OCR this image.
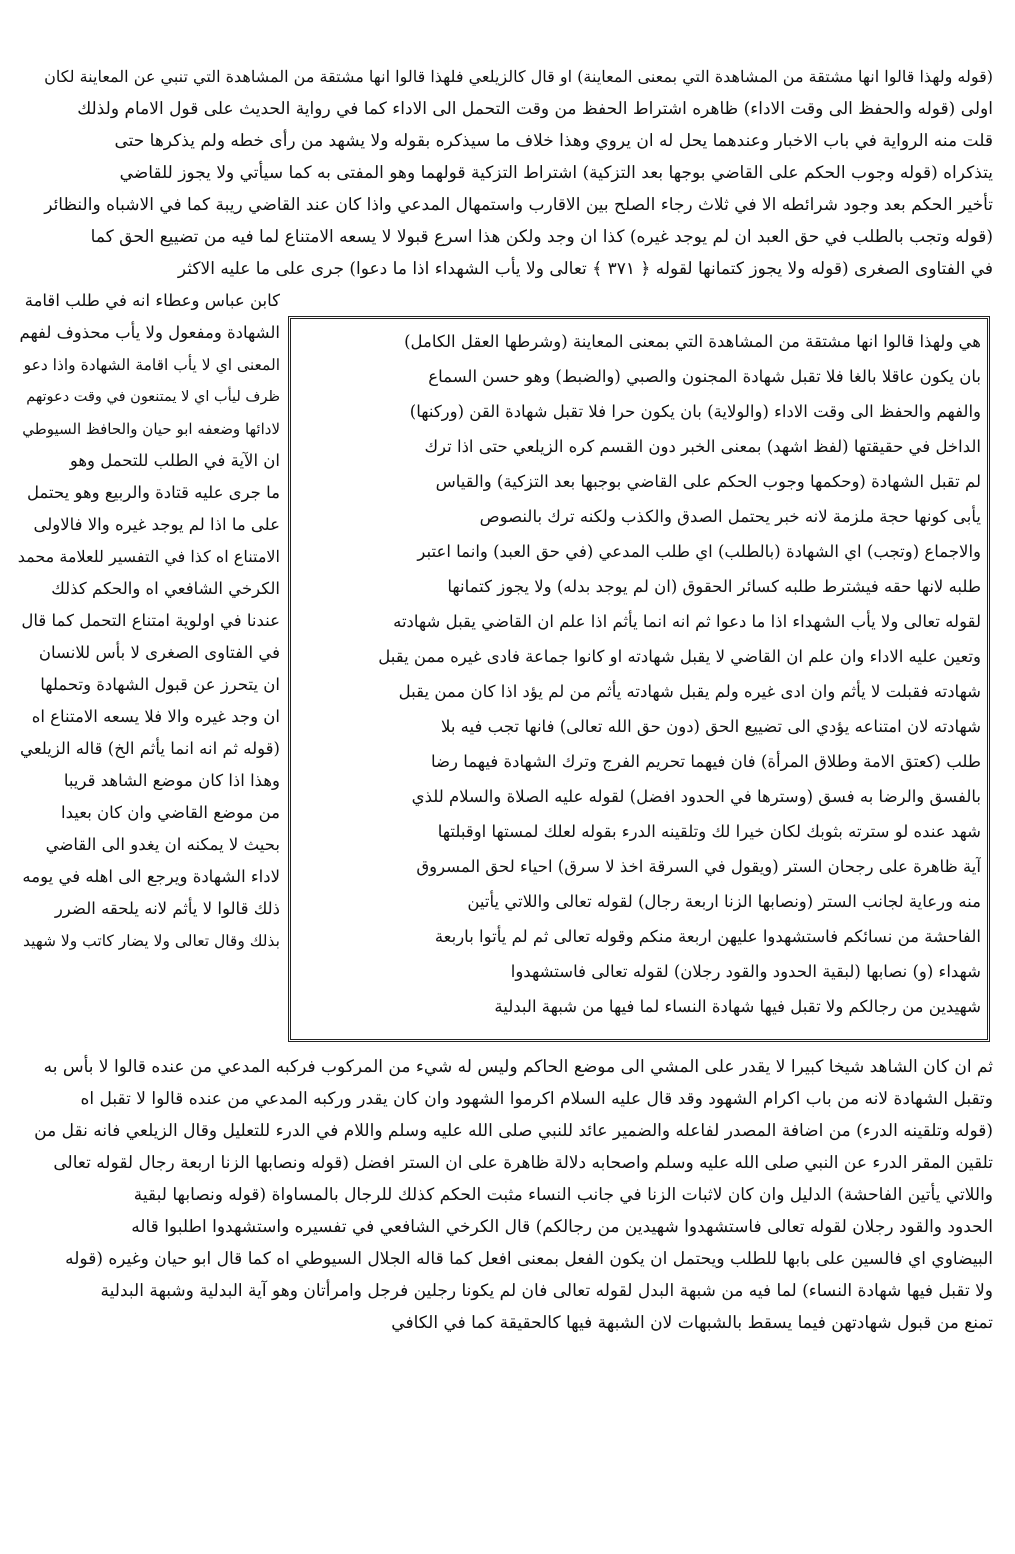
(قوله ولهذا قالوا انها مشتقة من المشاهدة التي بمعنى المعاينة) او قال كالزيلعي فلهذا قالوا انها مشتقة من المشاهدة التي تنبي عن المعاينة لكان
اولى (قوله والحفظ الى وقت الاداء) ظاهره اشتراط الحفظ من وقت التحمل الى الاداء كما في رواية الحديث على قول الامام ولذلك
قلت منه الرواية في باب الاخبار وعندهما يحل له ان يروي وهذا خلاف ما سيذكره بقوله ولا يشهد من رأى خطه ولم يذكرها حتى
يتذكراه (قوله وجوب الحكم على القاضي بوجها بعد التزكية) اشتراط التزكية قولهما وهو المفتى به كما سيأتي ولا يجوز للقاضي
تأخير الحكم بعد وجود شرائطه الا في ثلاث رجاء الصلح بين الاقارب واستمهال المدعي واذا كان عند القاضي ريبة كما في الاشباه والنظائر
(قوله وتجب بالطلب في حق العبد ان لم يوجد غيره) كذا ان وجد ولكن هذا اسرع قبولا لا يسعه الامتناع لما فيه من تضييع الحق كما
في الفتاوى الصغرى (قوله ولا يجوز كتمانها لقوله ﴿ ٣٧١ ﴾ تعالى ولا يأب الشهداء اذا ما دعوا) جرى على ما عليه الاكثر
كابن عباس وعطاء انه في طلب اقامة
الشهادة ومفعول ولا يأب محذوف لفهم
المعنى اي لا يأب اقامة الشهادة واذا دعو
ظرف ليأب اي لا يمتنعون في وقت دعوتهم
لادائها وضعفه ابو حيان والحافظ السيوطي
ان الآية في الطلب للتحمل وهو
ما جرى عليه قتادة والربيع وهو يحتمل
على ما اذا لم يوجد غيره والا فالاولى
الامتناع اه كذا في التفسير للعلامة محمد
الكرخي الشافعي اه والحكم كذلك
عندنا في اولوية امتناع التحمل كما قال
في الفتاوى الصغرى لا بأس للانسان
ان يتحرز عن قبول الشهادة وتحملها
ان وجد غيره والا فلا يسعه الامتناع اه
(قوله ثم انه انما يأثم الخ) قاله الزيلعي
وهذا اذا كان موضع الشاهد قريبا
من موضع القاضي وان كان بعيدا
بحيث لا يمكنه ان يغدو الى القاضي
لاداء الشهادة ويرجع الى اهله في يومه
ذلك قالوا لا يأثم لانه يلحقه الضرر
بذلك وقال تعالى ولا يضار كاتب ولا شهيد
هي ولهذا قالوا انها مشتقة من المشاهدة التي بمعنى المعاينة (وشرطها العقل الكامل)
بان يكون عاقلا بالغا فلا تقبل شهادة المجنون والصبي (والضبط) وهو حسن السماع
والفهم والحفظ الى وقت الاداء (والولاية) بان يكون حرا فلا تقبل شهادة القن (وركنها)
الداخل في حقيقتها (لفظ اشهد) بمعنى الخبر دون القسم كره الزيلعي حتى اذا ترك
لم تقبل الشهادة (وحكمها وجوب الحكم على القاضي بوجبها بعد التزكية) والقياس
يأبى كونها حجة ملزمة لانه خبر يحتمل الصدق والكذب ولكنه ترك بالنصوص
والاجماع (وتجب) اي الشهادة (بالطلب) اي طلب المدعي (في حق العبد) وانما اعتبر
طلبه لانها حقه فيشترط طلبه كسائر الحقوق (ان لم يوجد بدله) ولا يجوز كتمانها
لقوله تعالى ولا يأب الشهداء اذا ما دعوا ثم انه انما يأثم اذا علم ان القاضي يقبل شهادته
وتعين عليه الاداء وان علم ان القاضي لا يقبل شهادته او كانوا جماعة فادى غيره ممن يقبل
شهادته فقبلت لا يأثم وان ادى غيره ولم يقبل شهادته يأثم من لم يؤد اذا كان ممن يقبل
شهادته لان امتناعه يؤدي الى تضييع الحق (دون حق الله تعالى) فانها تجب فيه بلا
طلب (كعتق الامة وطلاق المرأة) فان فيهما تحريم الفرج وترك الشهادة فيهما رضا
بالفسق والرضا به فسق (وسترها في الحدود افضل) لقوله عليه الصلاة والسلام للذي
شهد عنده لو سترته بثوبك لكان خيرا لك وتلقينه الدرء بقوله لعلك لمستها اوقبلتها
آية ظاهرة على رجحان الستر (ويقول في السرقة اخذ لا سرق) احياء لحق المسروق
منه ورعاية لجانب الستر (ونصابها الزنا اربعة رجال) لقوله تعالى واللاتي يأتين
الفاحشة من نسائكم فاستشهدوا عليهن اربعة منكم وقوله تعالى ثم لم يأتوا باربعة
شهداء (و) نصابها (لبقية الحدود والقود رجلان) لقوله تعالى فاستشهدوا
شهيدين من رجالكم ولا تقبل فيها شهادة النساء لما فيها من شبهة البدلية
ثم ان كان الشاهد شيخا كبيرا لا يقدر على المشي الى موضع الحاكم وليس له شيء من المركوب فركبه المدعي من عنده قالوا لا بأس به
وتقبل الشهادة لانه من باب اكرام الشهود وقد قال عليه السلام اكرموا الشهود وان كان يقدر وركبه المدعي من عنده قالوا لا تقبل اه
(قوله وتلقينه الدرء) من اضافة المصدر لفاعله والضمير عائد للنبي صلى الله عليه وسلم واللام في الدرء للتعليل وقال الزيلعي فانه نقل من
تلقين المقر الدرء عن النبي صلى الله عليه وسلم واصحابه دلالة ظاهرة على ان الستر افضل (قوله ونصابها الزنا اربعة رجال لقوله تعالى
واللاتي يأتين الفاحشة) الدليل وان كان لاثبات الزنا في جانب النساء مثبت الحكم كذلك للرجال بالمساواة (قوله ونصابها لبقية
الحدود والقود رجلان لقوله تعالى فاستشهدوا شهيدين من رجالكم) قال الكرخي الشافعي في تفسيره واستشهدوا اطلبوا قاله
البيضاوي اي فالسين على بابها للطلب ويحتمل ان يكون الفعل بمعنى افعل كما قاله الجلال السيوطي اه كما قال ابو حيان وغيره (قوله
ولا تقبل فيها شهادة النساء) لما فيه من شبهة البدل لقوله تعالى فان لم يكونا رجلين فرجل وامرأتان وهو آية البدلية وشبهة البدلية
تمنع من قبول شهادتهن فيما يسقط بالشبهات لان الشبهة فيها كالحقيقة كما في الكافي
